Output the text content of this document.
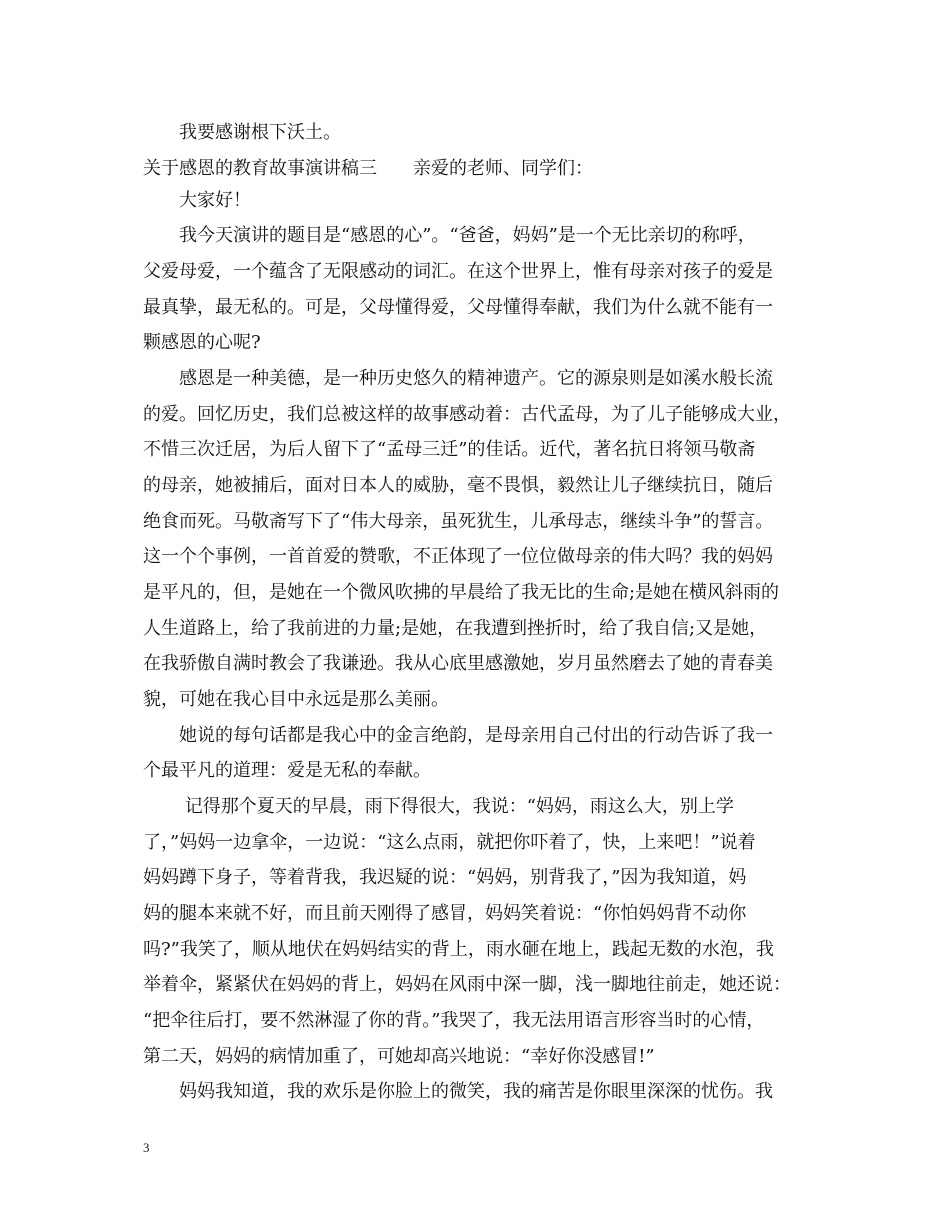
　　我要感谢根下沃土。
关于感恩的教育故事演讲稿三　　亲爱的老师、同学们：
　　大家好！
　　我今天演讲的题目是“感恩的心”。“爸爸，妈妈”是一个无比亲切的称呼，
父爱母爱，一个蕴含了无限感动的词汇。在这个世界上，惟有母亲对孩子的爱是
最真挚，最无私的。可是，父母懂得爱，父母懂得奉献，我们为什么就不能有一
颗感恩的心呢?
　　感恩是一种美德，是一种历史悠久的精神遗产。它的源泉则是如溪水般长流
的爱。回忆历史，我们总被这样的故事感动着：古代孟母，为了儿子能够成大业，
不惜三次迁居，为后人留下了“孟母三迁”的佳话。近代，著名抗日将领马敬斋
的母亲，她被捕后，面对日本人的威胁，毫不畏惧，毅然让儿子继续抗日，随后
绝食而死。马敬斋写下了“伟大母亲，虽死犹生，儿承母志，继续斗争”的誓言。
这一个个事例，一首首爱的赞歌，不正体现了一位位做母亲的伟大吗？我的妈妈
是平凡的，但，是她在一个微风吹拂的早晨给了我无比的生命;是她在横风斜雨的
人生道路上，给了我前进的力量;是她，在我遭到挫折时，给了我自信;又是她，
在我骄傲自满时教会了我谦逊。我从心底里感激她，岁月虽然磨去了她的青春美
貌，可她在我心目中永远是那么美丽。
　　她说的每句话都是我心中的金言绝韵，是母亲用自己付出的行动告诉了我一
个最平凡的道理：爱是无私的奉献。
　　 记得那个夏天的早晨，雨下得很大，我说：“妈妈，雨这么大，别上学
了，”妈妈一边拿伞，一边说：“这么点雨，就把你吓着了，快，上来吧！”说着
妈妈蹲下身子，等着背我，我迟疑的说：“妈妈，别背我了，”因为我知道，妈
妈的腿本来就不好，而且前天刚得了感冒，妈妈笑着说：“你怕妈妈背不动你
吗?”我笑了，顺从地伏在妈妈结实的背上，雨水砸在地上，践起无数的水泡，我
举着伞，紧紧伏在妈妈的背上，妈妈在风雨中深一脚，浅一脚地往前走，她还说：
“把伞往后打，要不然淋湿了你的背。”我哭了，我无法用语言形容当时的心情，
第二天，妈妈的病情加重了，可她却高兴地说：“幸好你没感冒!”
　　妈妈我知道，我的欢乐是你脸上的微笑，我的痛苦是你眼里深深的忧伤。我
3
